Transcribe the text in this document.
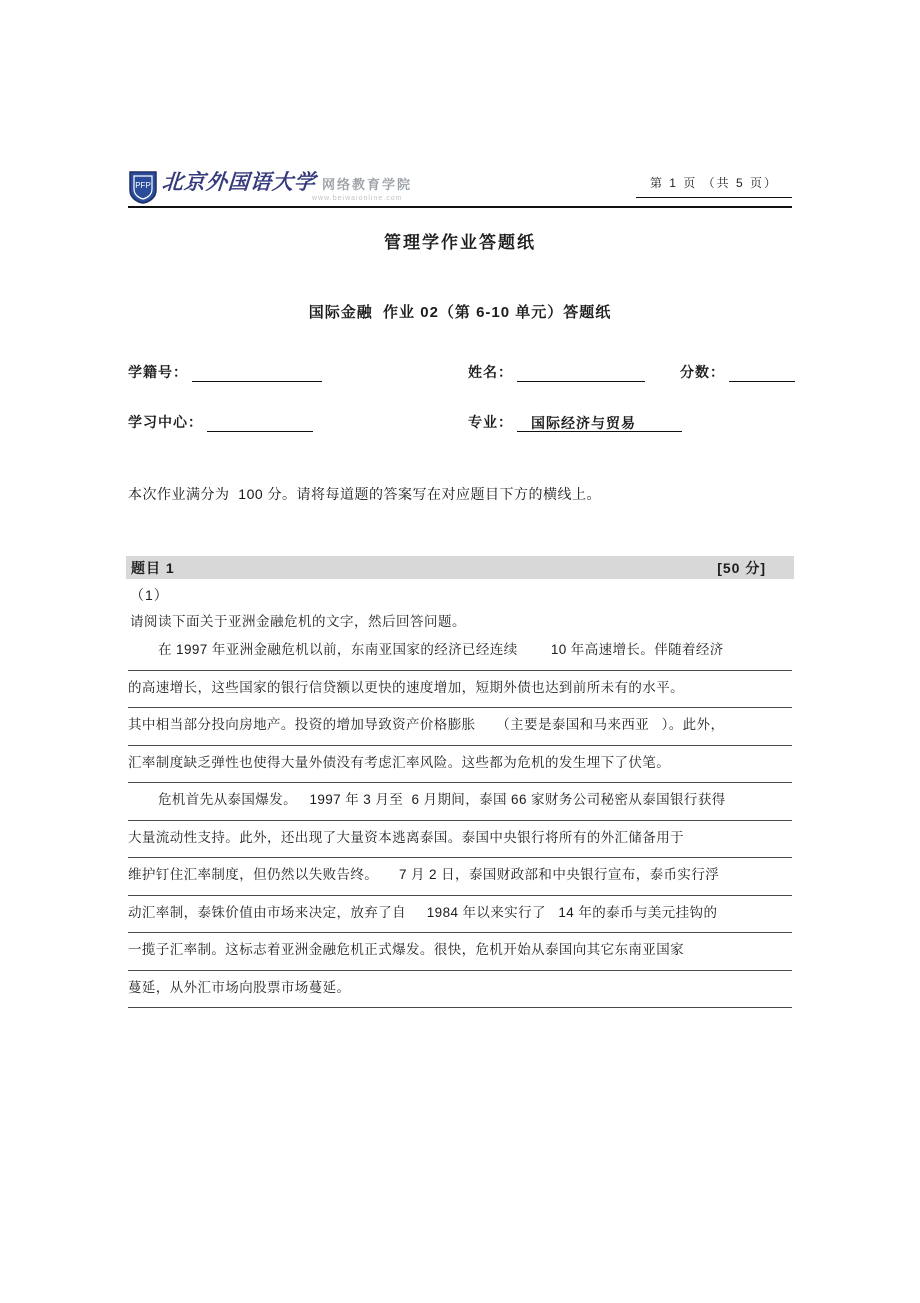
PFP 北京外国语大学 网络教育学院
www.beiwaionline.com
第 1 页 （共 5 页）
管理学作业答题纸
国际金融  作业 02（第 6-10 单元）答题纸
学籍号：	姓名：	分数：
学习中心：	专业：	国际经济与贸易
本次作业满分为  100 分。请将每道题的答案写在对应题目下方的横线上。
题目 1	[50 分]
（1）
请阅读下面关于亚洲金融危机的文字，然后回答问题。
在 1997 年亚洲金融危机以前，东南亚国家的经济已经连续        10 年高速增长。伴随着经济
的高速增长，这些国家的银行信贷额以更快的速度增加，短期外债也达到前所未有的水平。
其中相当部分投向房地产。投资的增加导致资产价格膨胀     （主要是泰国和马来西亚   ）。此外，
汇率制度缺乏弹性也使得大量外债没有考虑汇率风险。这些都为危机的发生埋下了伏笔。
危机首先从泰国爆发。   1997 年 3 月至  6 月期间，泰国 66 家财务公司秘密从泰国银行获得
大量流动性支持。此外，还出现了大量资本逃离泰国。泰国中央银行将所有的外汇储备用于
维护钉住汇率制度，但仍然以失败告终。     7 月 2 日，泰国财政部和中央银行宣布，泰币实行浮
动汇率制，泰铢价值由市场来决定，放弃了自     1984 年以来实行了   14 年的泰币与美元挂钩的
一揽子汇率制。这标志着亚洲金融危机正式爆发。很快，危机开始从泰国向其它东南亚国家
蔓延，从外汇市场向股票市场蔓延。
